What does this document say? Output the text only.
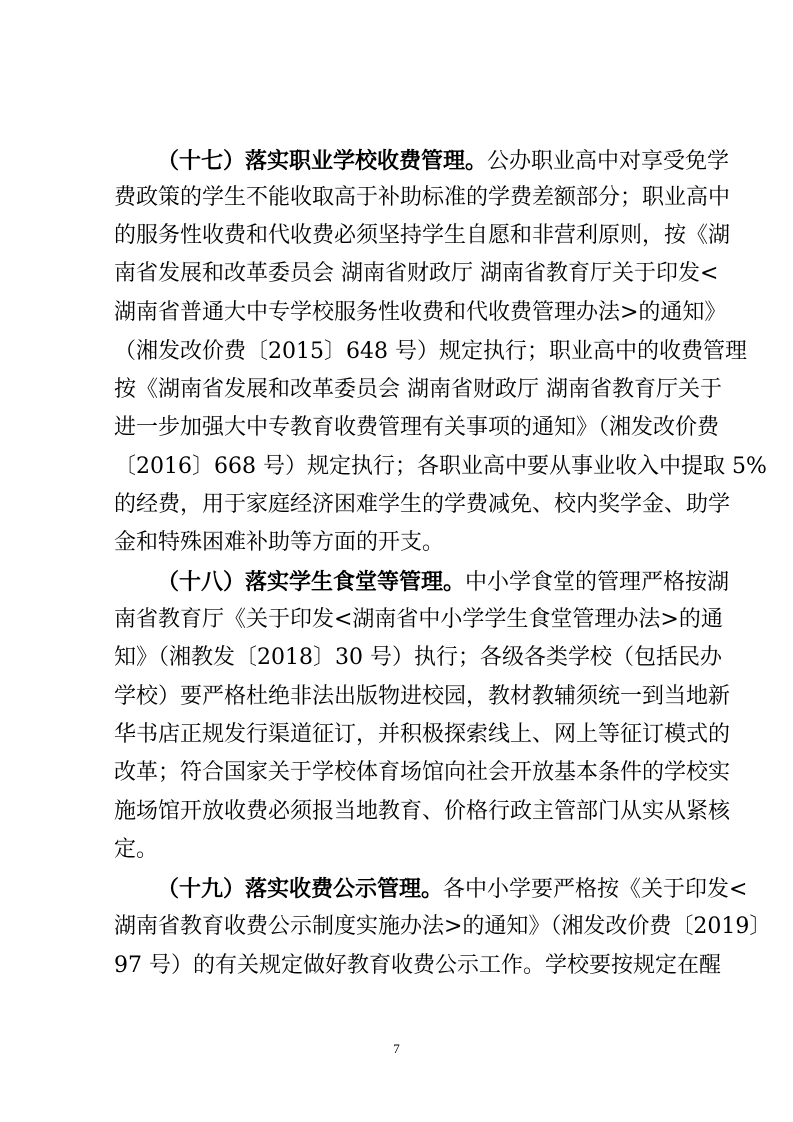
（十七）落实职业学校收费管理。公办职业高中对享受免学
费政策的学生不能收取高于补助标准的学费差额部分；职业高中
的服务性收费和代收费必须坚持学生自愿和非营利原则，按《湖
南省发展和改革委员会 湖南省财政厅 湖南省教育厅关于印发<
湖南省普通大中专学校服务性收费和代收费管理办法>的通知》
（湘发改价费〔2015〕648 号）规定执行；职业高中的收费管理
按《湖南省发展和改革委员会 湖南省财政厅 湖南省教育厅关于
进一步加强大中专教育收费管理有关事项的通知》（湘发改价费
〔2016〕668 号）规定执行；各职业高中要从事业收入中提取 5%
的经费，用于家庭经济困难学生的学费减免、校内奖学金、助学
金和特殊困难补助等方面的开支。
（十八）落实学生食堂等管理。中小学食堂的管理严格按湖
南省教育厅《关于印发<湖南省中小学学生食堂管理办法>的通
知》（湘教发〔2018〕30 号）执行；各级各类学校（包括民办
学校）要严格杜绝非法出版物进校园，教材教辅须统一到当地新
华书店正规发行渠道征订，并积极探索线上、网上等征订模式的
改革；符合国家关于学校体育场馆向社会开放基本条件的学校实
施场馆开放收费必须报当地教育、价格行政主管部门从实从紧核
定。
（十九）落实收费公示管理。各中小学要严格按《关于印发<
湖南省教育收费公示制度实施办法>的通知》（湘发改价费〔2019〕
97 号）的有关规定做好教育收费公示工作。学校要按规定在醒
7
